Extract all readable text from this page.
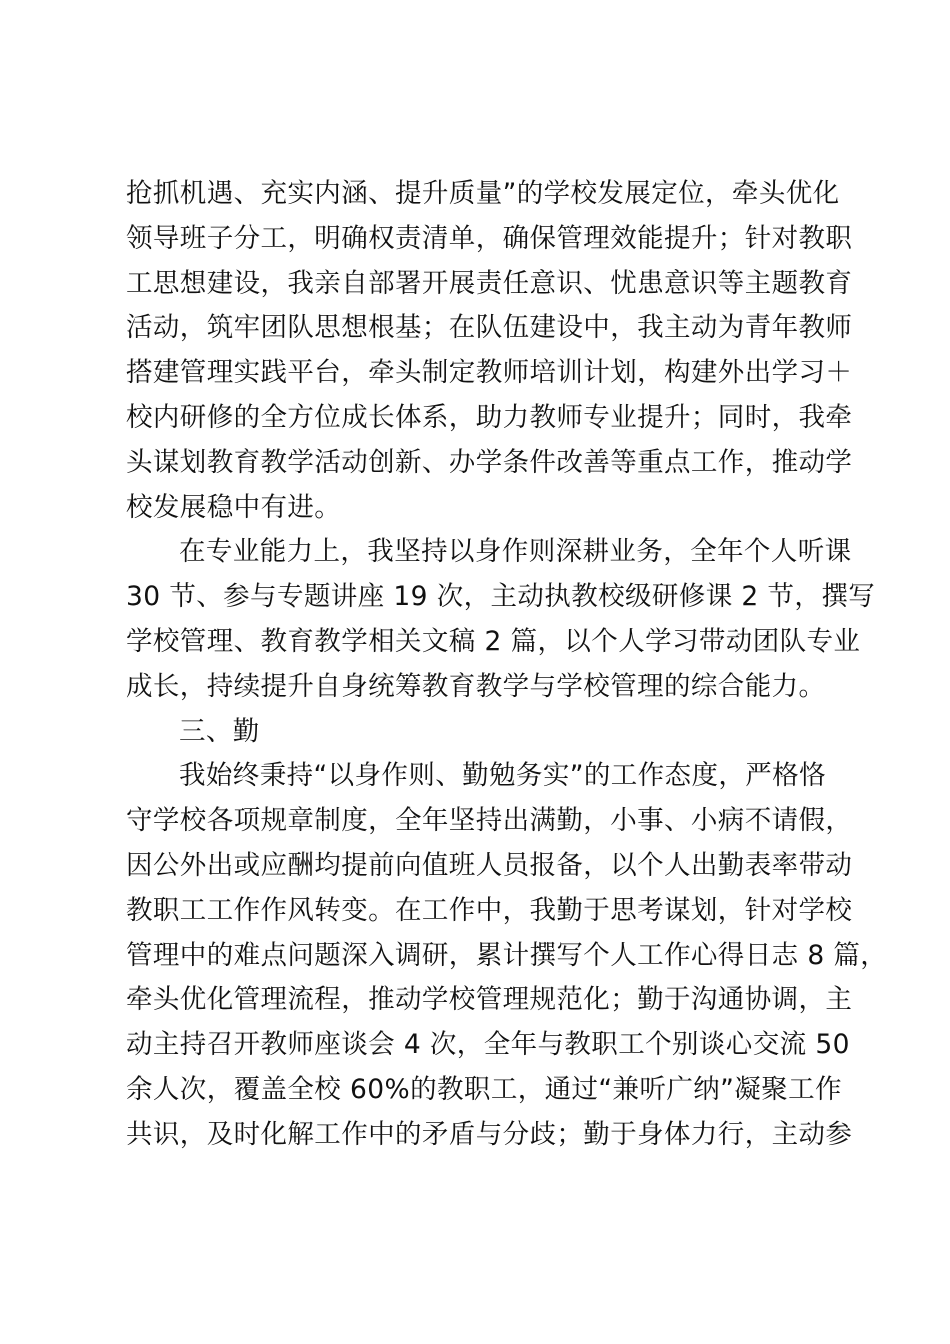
抢抓机遇、充实内涵、提升质量”的学校发展定位，牵头优化
领导班子分工，明确权责清单，确保管理效能提升；针对教职
工思想建设，我亲自部署开展责任意识、忧患意识等主题教育
活动，筑牢团队思想根基；在队伍建设中，我主动为青年教师
搭建管理实践平台，牵头制定教师培训计划，构建外出学习＋
校内研修的全方位成长体系，助力教师专业提升；同时，我牵
头谋划教育教学活动创新、办学条件改善等重点工作，推动学
校发展稳中有进。
在专业能力上，我坚持以身作则深耕业务，全年个人听课
30 节、参与专题讲座 19 次，主动执教校级研修课 2 节，撰写
学校管理、教育教学相关文稿 2 篇，以个人学习带动团队专业
成长，持续提升自身统筹教育教学与学校管理的综合能力。
三、勤
我始终秉持“以身作则、勤勉务实”的工作态度，严格恪
守学校各项规章制度，全年坚持出满勤，小事、小病不请假，
因公外出或应酬均提前向值班人员报备，以个人出勤表率带动
教职工工作作风转变。在工作中，我勤于思考谋划，针对学校
管理中的难点问题深入调研，累计撰写个人工作心得日志 8 篇，
牵头优化管理流程，推动学校管理规范化；勤于沟通协调，主
动主持召开教师座谈会 4 次，全年与教职工个别谈心交流 50
余人次，覆盖全校 60%的教职工，通过“兼听广纳”凝聚工作
共识，及时化解工作中的矛盾与分歧；勤于身体力行，主动参
